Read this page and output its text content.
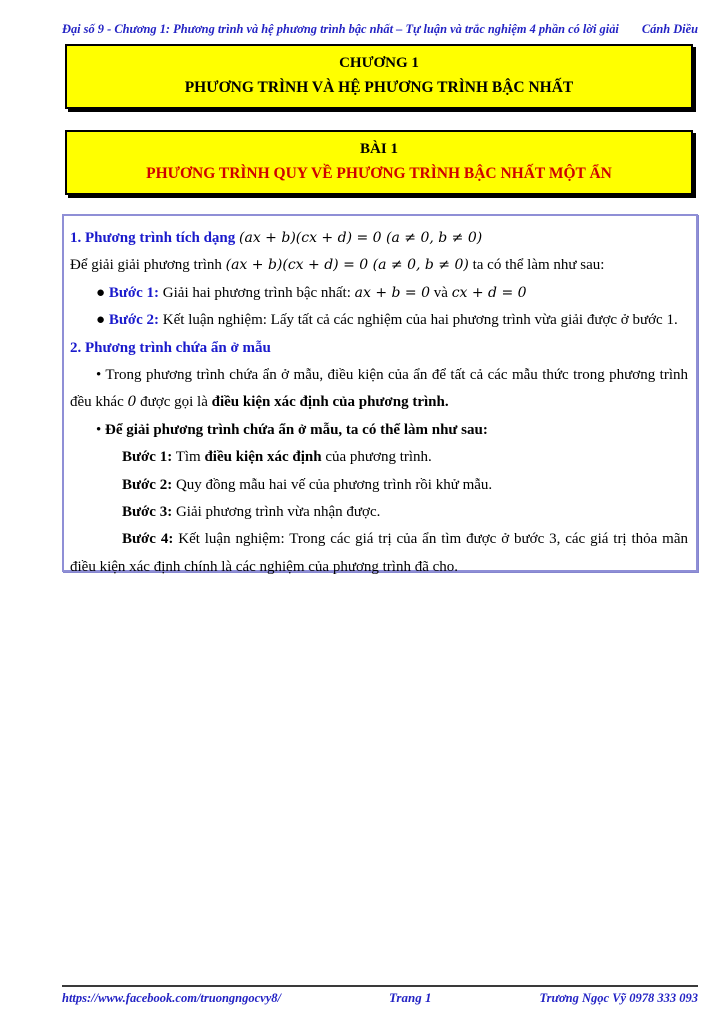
Đại số 9 - Chương 1: Phương trình và hệ phương trình bậc nhất – Tự luận và trắc nghiệm 4 phần có lời giải Cánh Diều
CHƯƠNG 1
PHƯƠNG TRÌNH VÀ HỆ PHƯƠNG TRÌNH BẬC NHẤT
BÀI 1
PHƯƠNG TRÌNH QUY VỀ PHƯƠNG TRÌNH BẬC NHẤT MỘT ẨN

1. Phương trình tích dạng (ax + b)(cx + d) = 0 (a ≠ 0, b ≠ 0)

Để giải giải phương trình (ax + b)(cx + d) = 0 (a ≠ 0, b ≠ 0) ta có thể làm như sau:

● Bước 1: Giải hai phương trình bậc nhất: ax + b = 0 và cx + d = 0

● Bước 2: Kết luận nghiệm: Lấy tất cả các nghiệm của hai phương trình vừa giải được ở bước 1.

2. Phương trình chứa ẩn ở mẫu

• Trong phương trình chứa ẩn ở mẫu, điều kiện của ẩn để tất cả các mẫu thức trong phương trình đều khác 0 được gọi là điều kiện xác định của phương trình.

• Để giải phương trình chứa ẩn ở mẫu, ta có thể làm như sau:

Bước 1: Tìm điều kiện xác định của phương trình.

Bước 2: Quy đồng mẫu hai vế của phương trình rồi khử mẫu.

Bước 3: Giải phương trình vừa nhận được.

Bước 4: Kết luận nghiệm: Trong các giá trị của ẩn tìm được ở bước 3, các giá trị thỏa mãn điều kiện xác định chính là các nghiệm của phương trình đã cho.

https://www.facebook.com/truongngocvy8/	Trang 1	Trương Ngọc Vỹ 0978 333 093
